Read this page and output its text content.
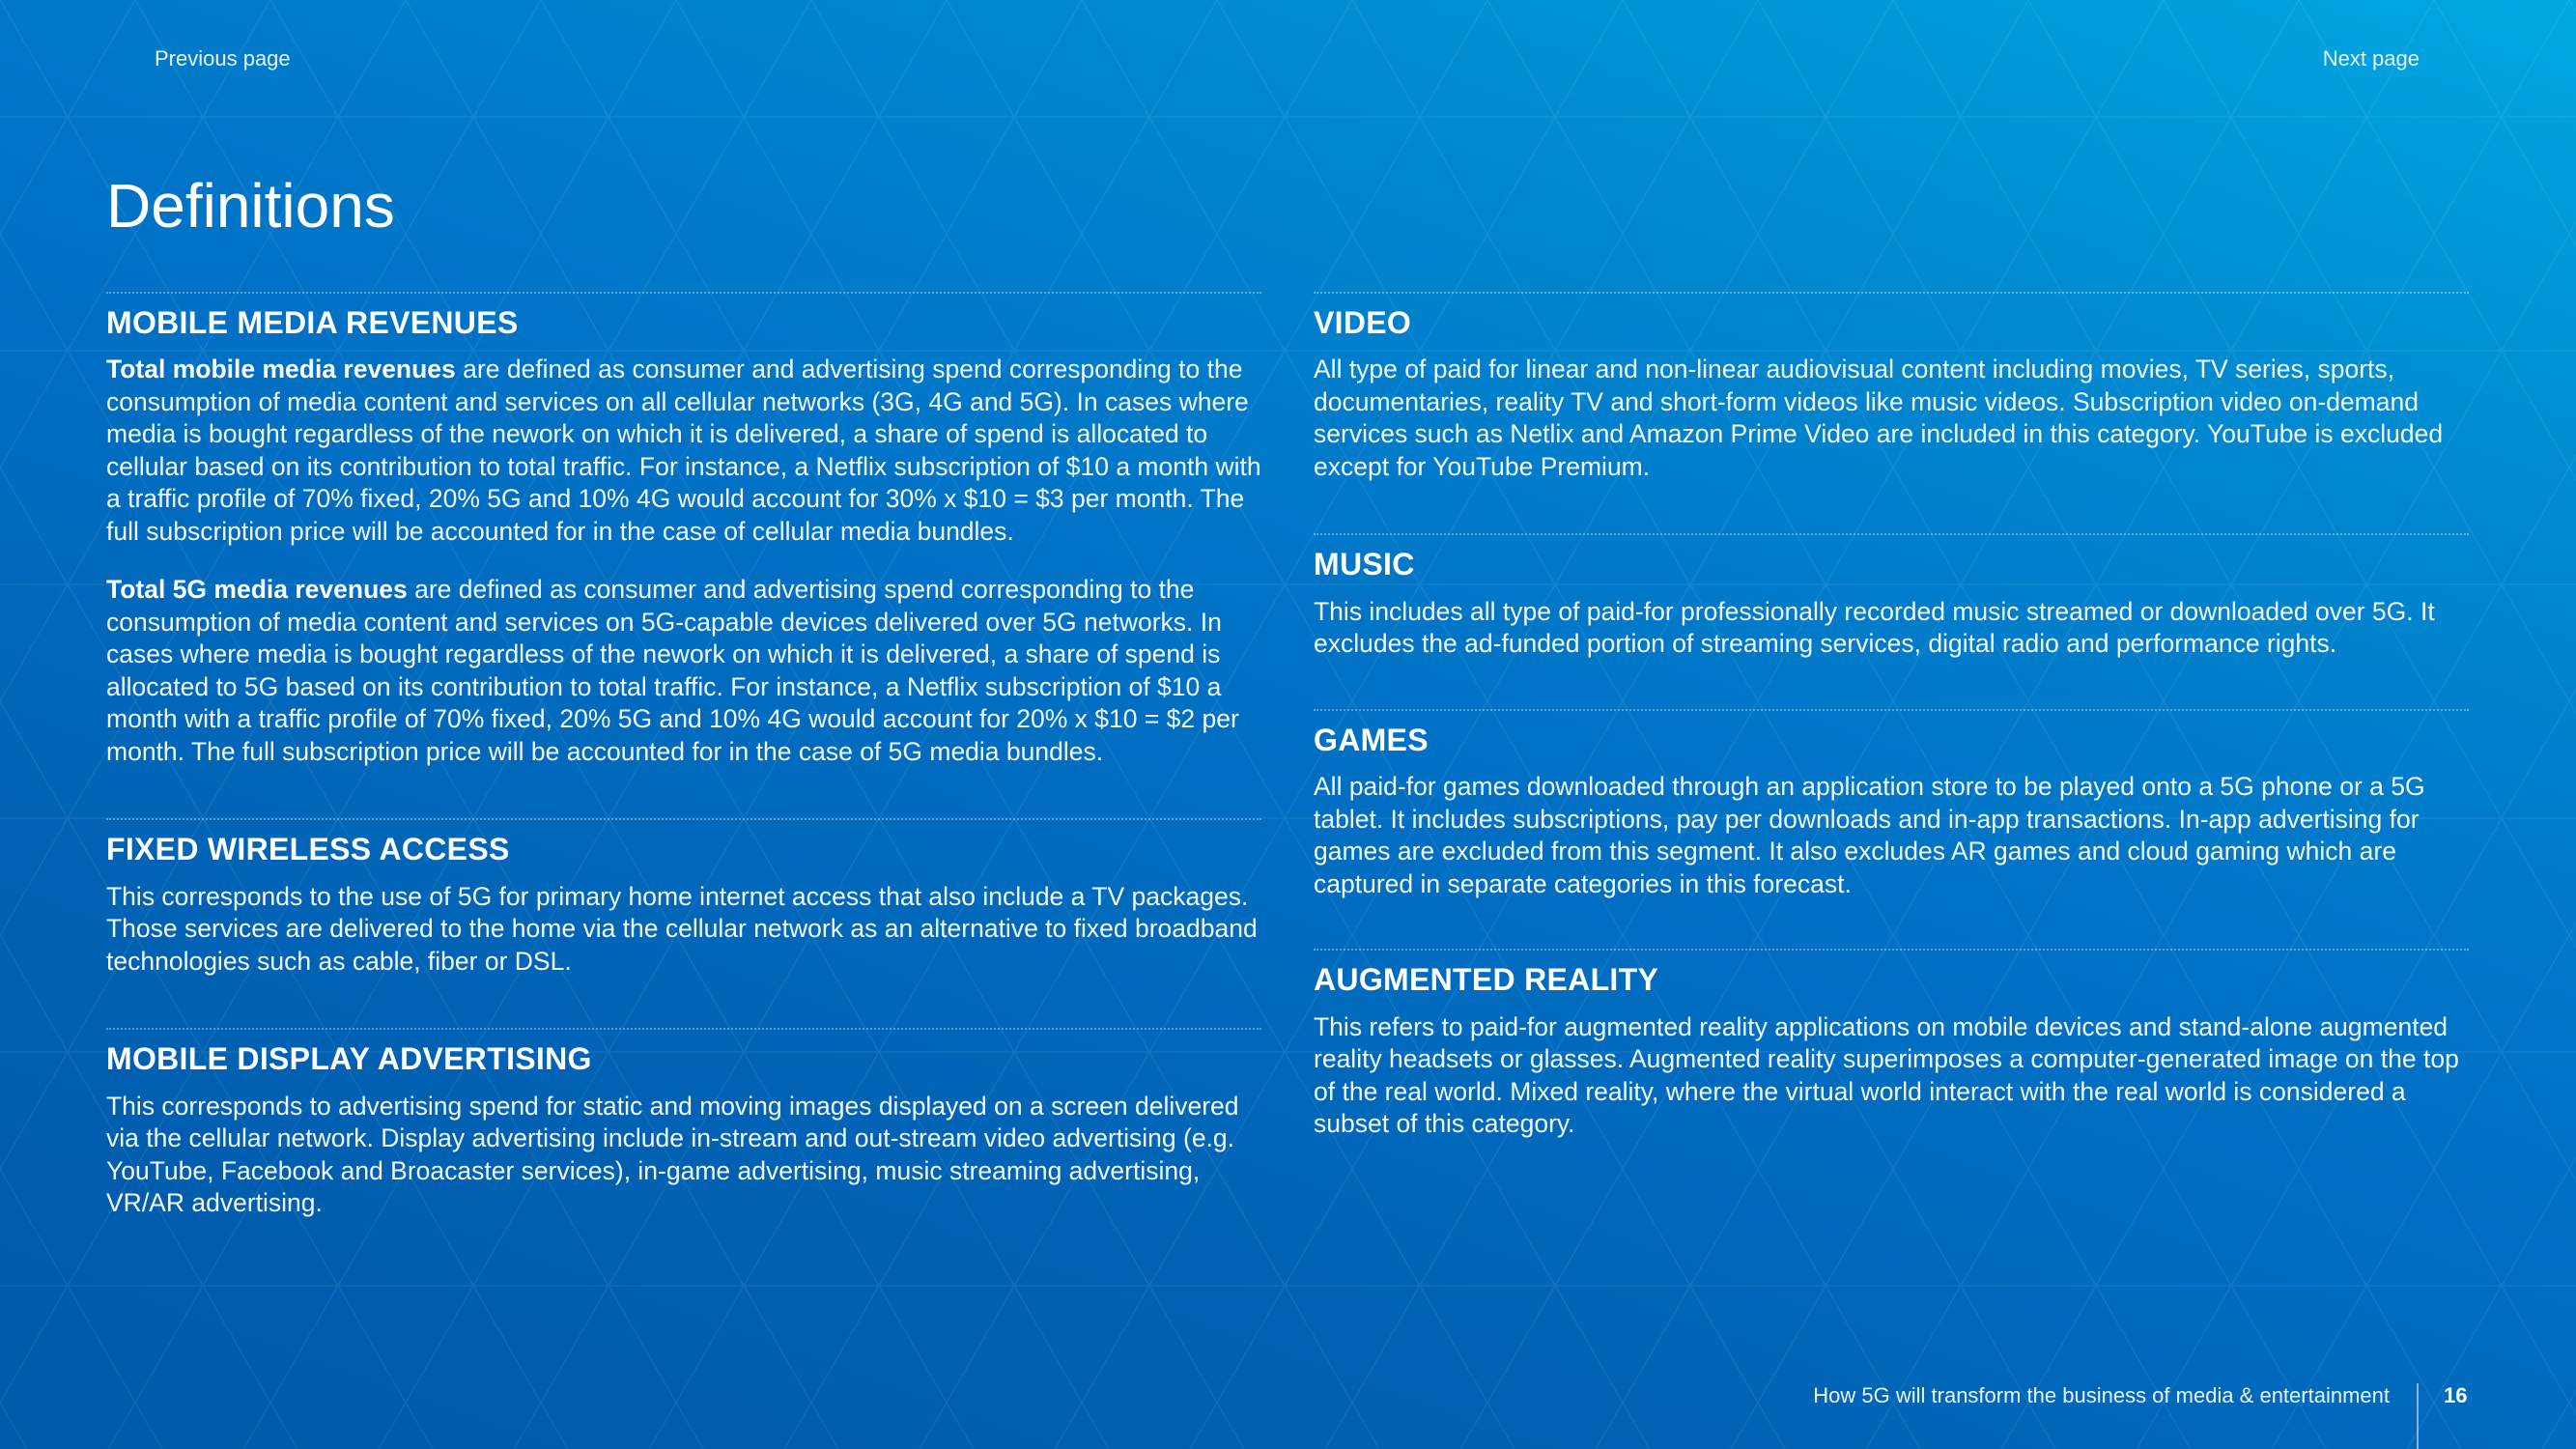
Previous page	Next page
Definitions
MOBILE MEDIA REVENUES

Total mobile media revenues are defined as consumer and advertising spend corresponding to the consumption of media content and services on all cellular networks (3G, 4G and 5G). In cases where media is bought regardless of the nework on which it is delivered, a share of spend is allocated to cellular based on its contribution to total traffic. For instance, a Netflix subscription of $10 a month with a traffic profile of 70% fixed, 20% 5G and 10% 4G would account for 30% x $10 = $3 per month. The full subscription price will be accounted for in the case of cellular media bundles.

Total 5G media revenues are defined as consumer and advertising spend corresponding to the consumption of media content and services on 5G-capable devices delivered over 5G networks. In cases where media is bought regardless of the nework on which it is delivered, a share of spend is allocated to 5G based on its contribution to total traffic. For instance, a Netflix subscription of $10 a month with a traffic profile of 70% fixed, 20% 5G and 10% 4G would account for 20% x $10 = $2 per month. The full subscription price will be accounted for in the case of 5G media bundles.

FIXED WIRELESS ACCESS

This corresponds to the use of 5G for primary home internet access that also include a TV packages. Those services are delivered to the home via the cellular network as an alternative to fixed broadband technologies such as cable, fiber or DSL.

MOBILE DISPLAY ADVERTISING

This corresponds to advertising spend for static and moving images displayed on a screen delivered via the cellular network. Display advertising include in-stream and out-stream video advertising (e.g. YouTube, Facebook and Broacaster services), in-game advertising, music streaming advertising, VR/AR advertising.

VIDEO

All type of paid for linear and non-linear audiovisual content including movies, TV series, sports, documentaries, reality TV and short-form videos like music videos. Subscription video on-demand services such as Netlix and Amazon Prime Video are included in this category. YouTube is excluded except for YouTube Premium.

MUSIC

This includes all type of paid-for professionally recorded music streamed or downloaded over 5G. It excludes the ad-funded portion of streaming services, digital radio and performance rights.

GAMES

All paid-for games downloaded through an application store to be played onto a 5G phone or a 5G tablet. It includes subscriptions, pay per downloads and in-app transactions. In-app advertising for games are excluded from this segment. It also excludes AR games and cloud gaming which are captured in separate categories in this forecast.

AUGMENTED REALITY

This refers to paid-for augmented reality applications on mobile devices and stand-alone augmented reality headsets or glasses. Augmented reality superimposes a computer-generated image on the top of the real world. Mixed reality, where the virtual world interact with the real world is considered a subset of this category.

How 5G will transform the business of media & entertainment	16
